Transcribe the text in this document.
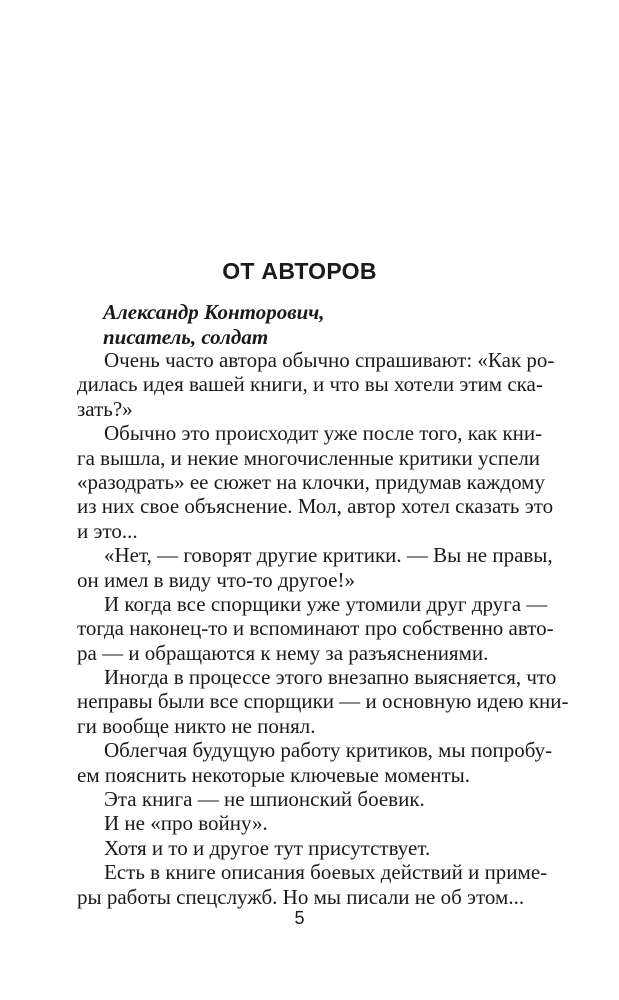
ОТ АВТОРОВ
Александр Конторович,
писатель, солдат
Очень часто автора обычно спрашивают: «Как ро-
дилась идея вашей книги, и что вы хотели этим ска-
зать?»
Обычно это происходит уже после того, как кни-
га вышла, и некие многочисленные критики успели
«разодрать» ее сюжет на клочки, придумав каждому
из них свое объяснение. Мол, автор хотел сказать это
и это...
«Нет, — говорят другие критики. — Вы не правы,
он имел в виду что-то другое!»
И когда все спорщики уже утомили друг друга —
тогда наконец-то и вспоминают про собственно авто-
ра — и обращаются к нему за разъяснениями.
Иногда в процессе этого внезапно выясняется, что
неправы были все спорщики — и основную идею кни-
ги вообще никто не понял.
Облегчая будущую работу критиков, мы попробу-
ем пояснить некоторые ключевые моменты.
Эта книга — не шпионский боевик.
И не «про войну».
Хотя и то и другое тут присутствует.
Есть в книге описания боевых действий и приме-
ры работы спецслужб. Но мы писали не об этом...
5
